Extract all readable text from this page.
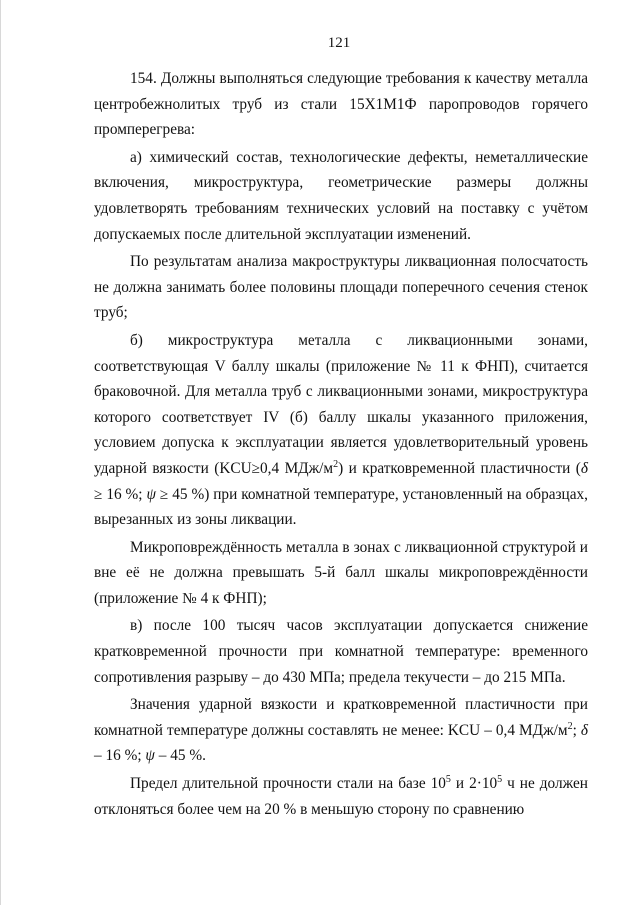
121

154. Должны выполняться следующие требования к качеству металла центробежнолитых труб из стали 15Х1М1Ф паропроводов горячего промперегрева:

а) химический состав, технологические дефекты, неметаллические включения, микроструктура, геометрические размеры должны удовлетворять требованиям технических условий на поставку с учётом допускаемых после длительной эксплуатации изменений.

По результатам анализа макроструктуры ликвационная полосчатость не должна занимать более половины площади поперечного сечения стенок труб;

б) микроструктура металла с ликвационными зонами, соответствующая V баллу шкалы (приложение № 11 к ФНП), считается браковочной. Для металла труб с ликвационными зонами, микроструктура которого соответствует IV (б) баллу шкалы указанного приложения, условием допуска к эксплуатации является удовлетворительный уровень ударной вязкости (KCU≥0,4 МДж/$м^2$) и кратковременной пластичности (δ ≥ 16 %; ψ ≥ 45 %) при комнатной температуре, установленный на образцах, вырезанных из зоны ликвации.

Микроповреждённость металла в зонах с ликвационной структурой и вне её не должна превышать 5-й балл шкалы микроповреждённости (приложение № 4 к ФНП);

в) после 100 тысяч часов эксплуатации допускается снижение кратковременной прочности при комнатной температуре: временного сопротивления разрыву – до 430 МПа; предела текучести – до 215 МПа.

Значения ударной вязкости и кратковременной пластичности при комнатной температуре должны составлять не менее: KCU – 0,4 МДж/$м^2$; δ – 16 %; ψ – 45 %.

Предел длительной прочности стали на базе $10^5$ и $2\cdot 10^5$ ч не должен отклоняться более чем на 20 % в меньшую сторону по сравнению
